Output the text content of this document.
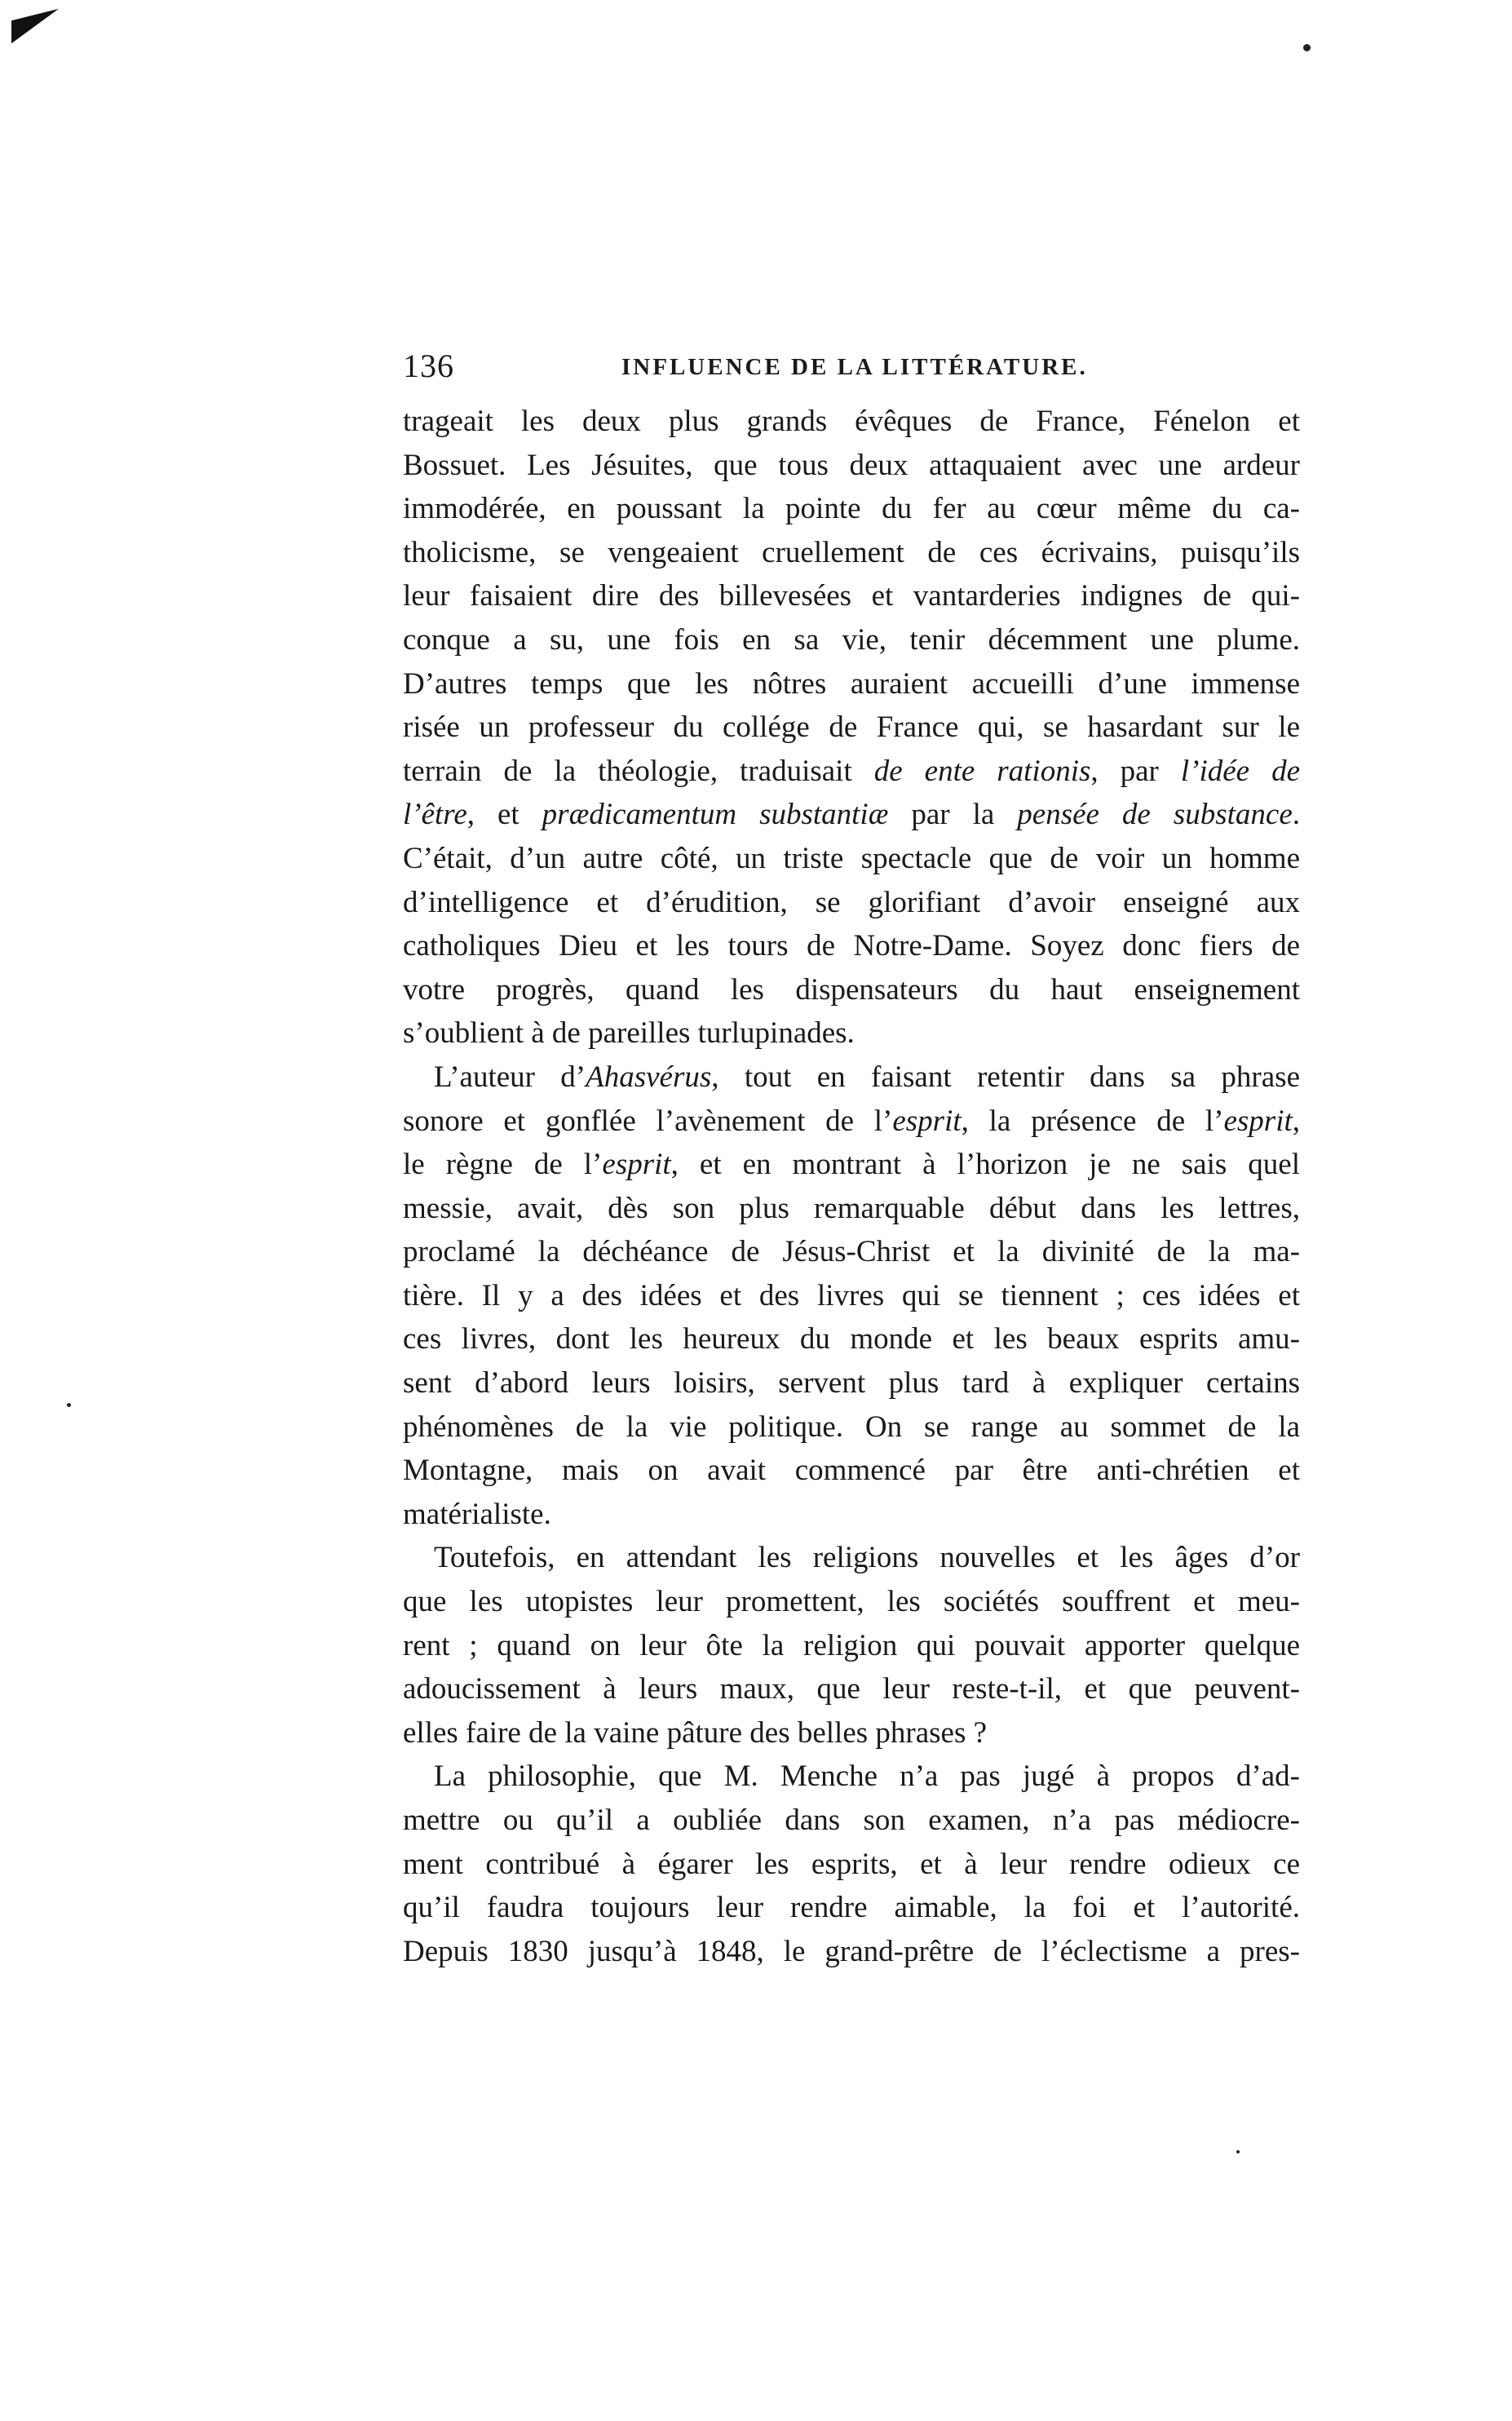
136	INFLUENCE DE LA LITTÉRATURE.
trageait les deux plus grands évêques de France, Fénelon et
Bossuet. Les Jésuites, que tous deux attaquaient avec une ardeur
immodérée, en poussant la pointe du fer au cœur même du ca-
tholicisme, se vengeaient cruellement de ces écrivains, puisqu’ils
leur faisaient dire des billevesées et vantarderies indignes de qui-
conque a su, une fois en sa vie, tenir décemment une plume.
D’autres temps que les nôtres auraient accueilli d’une immense
risée un professeur du collége de France qui, se hasardant sur le
terrain de la théologie, traduisait de ente rationis, par l’idée de
l’être, et prædicamentum substantiæ par la pensée de substance.
C’était, d’un autre côté, un triste spectacle que de voir un homme
d’intelligence et d’érudition, se glorifiant d’avoir enseigné aux
catholiques Dieu et les tours de Notre-Dame. Soyez donc fiers de
votre progrès, quand les dispensateurs du haut enseignement
s’oublient à de pareilles turlupinades.
L’auteur d’Ahasvérus, tout en faisant retentir dans sa phrase
sonore et gonflée l’avènement de l’esprit, la présence de l’esprit,
le règne de l’esprit, et en montrant à l’horizon je ne sais quel
messie, avait, dès son plus remarquable début dans les lettres,
proclamé la déchéance de Jésus-Christ et la divinité de la ma-
tière. Il y a des idées et des livres qui se tiennent ; ces idées et
ces livres, dont les heureux du monde et les beaux esprits amu-
sent d’abord leurs loisirs, servent plus tard à expliquer certains
phénomènes de la vie politique. On se range au sommet de la
Montagne, mais on avait commencé par être anti-chrétien et
matérialiste.
Toutefois, en attendant les religions nouvelles et les âges d’or
que les utopistes leur promettent, les sociétés souffrent et meu-
rent ; quand on leur ôte la religion qui pouvait apporter quelque
adoucissement à leurs maux, que leur reste-t-il, et que peuvent-
elles faire de la vaine pâture des belles phrases ?
La philosophie, que M. Menche n’a pas jugé à propos d’ad-
mettre ou qu’il a oubliée dans son examen, n’a pas médiocre-
ment contribué à égarer les esprits, et à leur rendre odieux ce
qu’il faudra toujours leur rendre aimable, la foi et l’autorité.
Depuis 1830 jusqu’à 1848, le grand-prêtre de l’éclectisme a pres-
